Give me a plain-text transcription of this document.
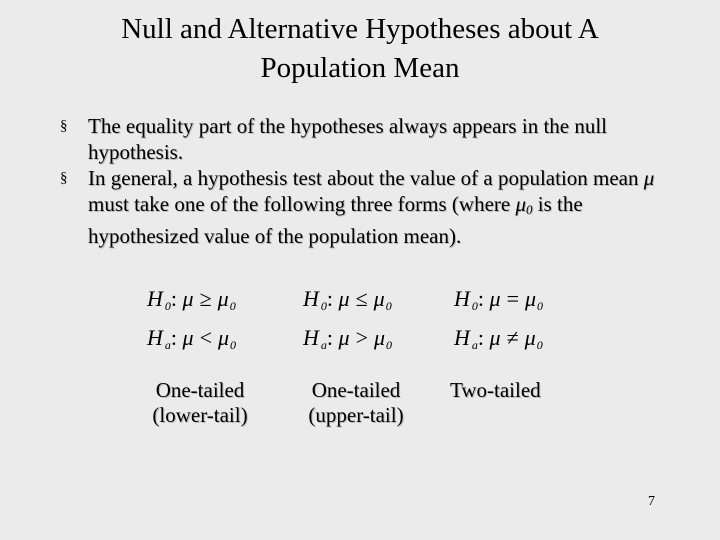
Null and Alternative Hypotheses about A
Population Mean
§ The equality part of the hypotheses always appears in the null hypothesis.
§ In general, a hypothesis test about the value of a population mean μ must take one of the following three forms (where $\mu_0$ is the hypothesized value of the population mean).
$H_0$: $\mu \ge \mu_0$
$H_a$: $\mu < \mu_0$
$H_0$: $\mu \le \mu_0$
$H_a$: $\mu > \mu_0$
$H_0$: $\mu = \mu_0$
$H_a$: $\mu \ne \mu_0$
One-tailed
(lower-tail)
One-tailed
(upper-tail)
Two-tailed
7
